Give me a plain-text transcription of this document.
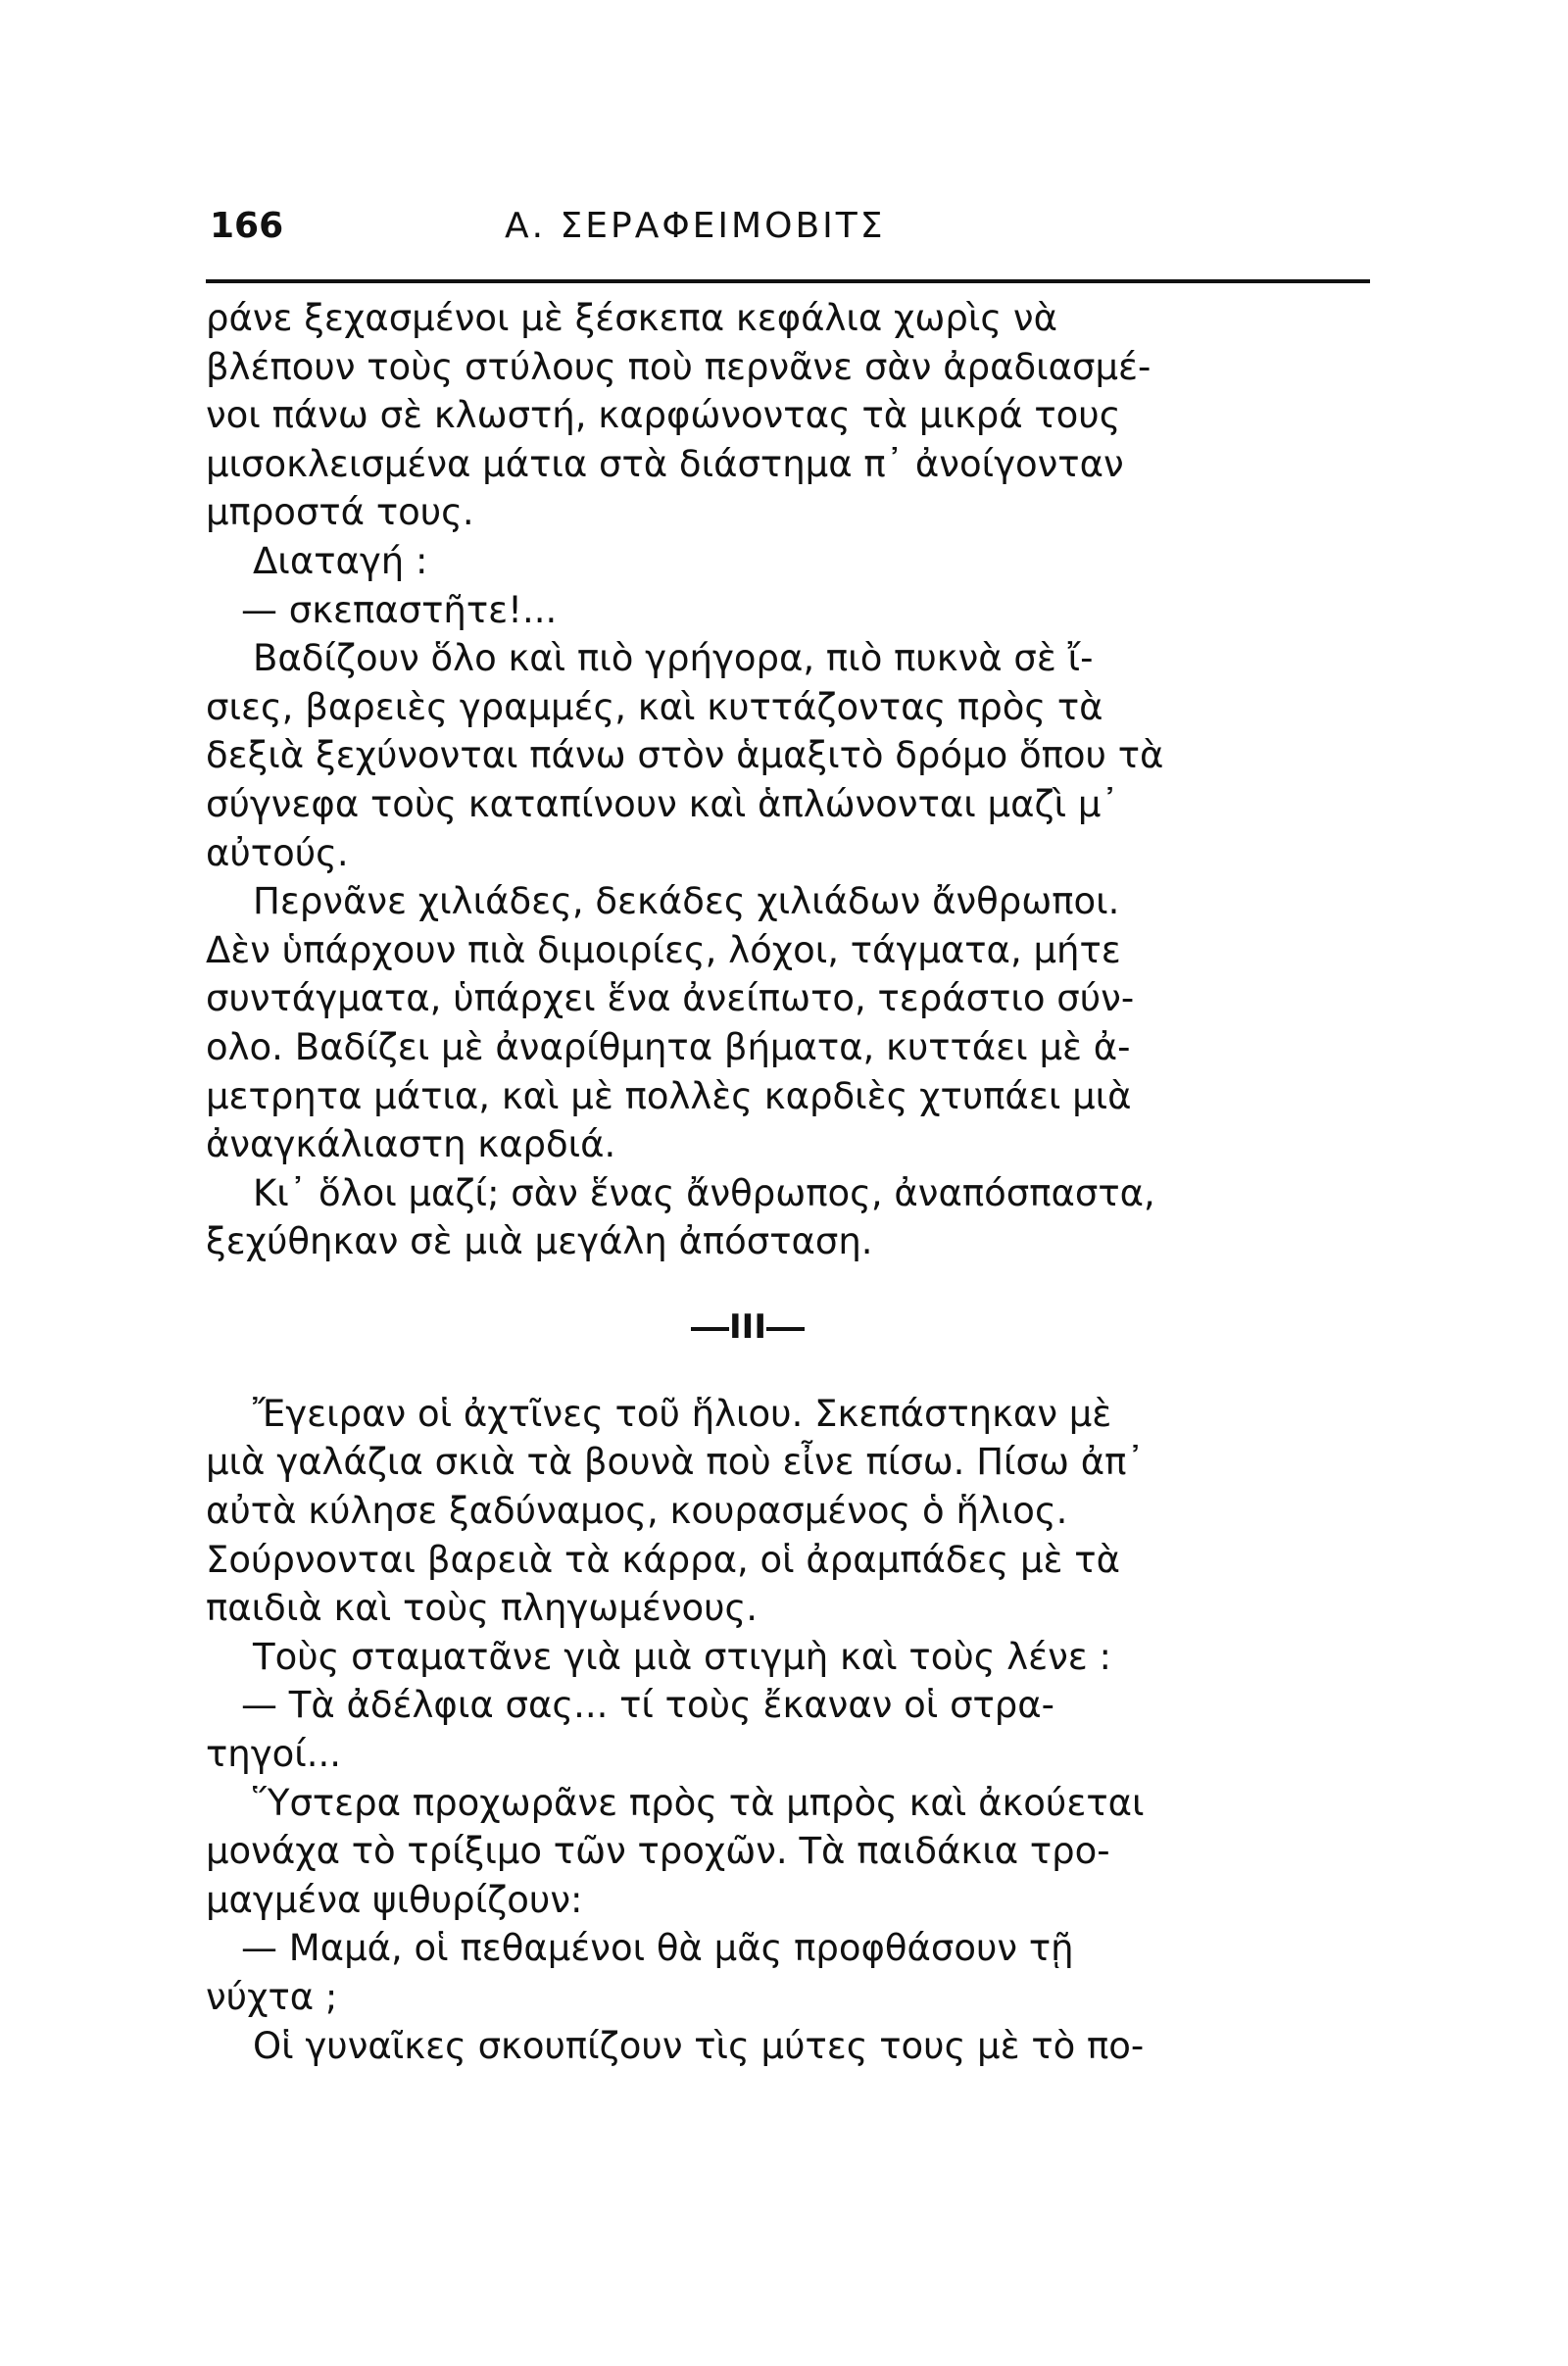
166	Α. ΣΕΡΑΦΕΙΜΟΒΙΤΣ
ράνε ξεχασμένοι μὲ ξέσκεπα κεφάλια χωρὶς νὰ
βλέπουν τοὺς στύλους ποὺ περνᾶνε σὰν ἀραδιασμέ-
νοι πάνω σὲ κλωστή, καρφώνοντας τὰ μικρά τους
μισοκλεισμένα μάτια στὰ διάστημα π᾽ ἀνοίγονταν
μπροστά τους.
Διαταγή :
— σκεπαστῆτε!...
Βαδίζουν ὅλο καὶ πιὸ γρήγορα, πιὸ πυκνὰ σὲ ἴ-
σιες, βαρειὲς γραμμές, καὶ κυττάζοντας πρὸς τὰ
δεξιὰ ξεχύνονται πάνω στὸν ἁμαξιτὸ δρόμο ὅπου τὰ
σύγνεφα τοὺς καταπίνουν καὶ ἁπλώνονται μαζὶ μ᾽
αὐτούς.
Περνᾶνε χιλιάδες, δεκάδες χιλιάδων ἄνθρωποι.
Δὲν ὑπάρχουν πιὰ διμοιρίες, λόχοι, τάγματα, μήτε
συντάγματα, ὑπάρχει ἕνα ἀνείπωτο, τεράστιο σύν-
ολο. Βαδίζει μὲ ἀναρίθμητα βήματα, κυττάει μὲ ἀ-
μετρητα μάτια, καὶ μὲ πολλὲς καρδιὲς χτυπάει μιὰ
ἀναγκάλιαστη καρδιά.
Κι᾽ ὅλοι μαζί; σὰν ἕνας ἄνθρωπος, ἀναπόσπαστα,
ξεχύθηκαν σὲ μιὰ μεγάλη ἀπόσταση.
III
Ἔγειραν οἱ ἀχτῖνες τοῦ ἥλιου. Σκεπάστηκαν μὲ
μιὰ γαλάζια σκιὰ τὰ βουνὰ ποὺ εἶνε πίσω. Πίσω ἀπ᾽
αὐτὰ κύλησε ξαδύναμος, κουρασμένος ὁ ἥλιος.
Σούρνονται βαρειὰ τὰ κάρρα, οἱ ἀραμπάδες μὲ τὰ
παιδιὰ καὶ τοὺς πληγωμένους.
Τοὺς σταματᾶνε γιὰ μιὰ στιγμὴ καὶ τοὺς λένε :
— Τὰ ἀδέλφια σας... τί τοὺς ἔκαναν οἱ στρα-
τηγοί...
Ὕστερα προχωρᾶνε πρὸς τὰ μπρὸς καὶ ἀκούεται
μονάχα τὸ τρίξιμο τῶν τροχῶν. Τὰ παιδάκια τρο-
μαγμένα ψιθυρίζουν:
— Μαμά, οἱ πεθαμένοι θὰ μᾶς προφθάσουν τῇ
νύχτα ;
Οἱ γυναῖκες σκουπίζουν τὶς μύτες τους μὲ τὸ πο-
